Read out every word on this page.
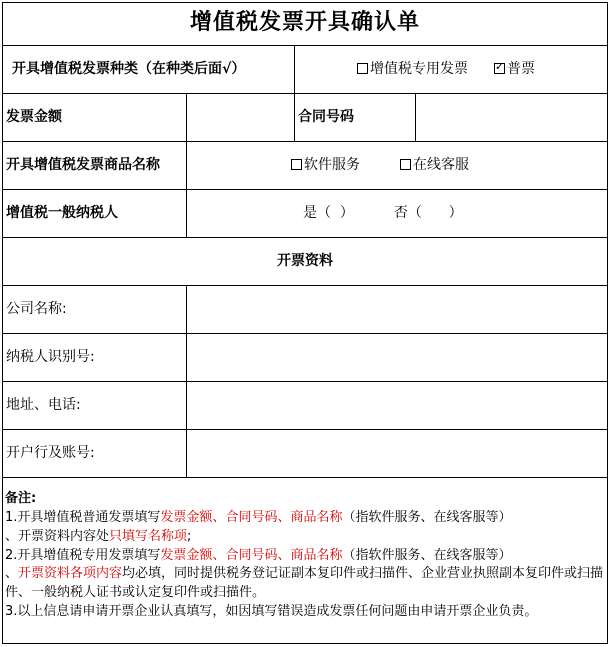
增值税发票开具确认单
开具增值税发票种类（在种类后面√）	增值税专用发票
✓	普票
发票金额	合同号码
开具增值税发票商品名称	软件服务	在线客服
增值税一般纳税人	是（  ）	否（      ）
开票资料
公司名称:
纳税人识别号:
地址、电话:
开户行及账号:
备注:
1.开具增值税普通发票填写发票金额、合同号码、商品名称（指软件服务、在线客服等）
、开票资料内容处只填写名称项;
2.开具增值税专用发票填写发票金额、合同号码、商品名称（指软件服务、在线客服等）
、开票资料各项内容均必填，同时提供税务登记证副本复印件或扫描件、企业营业执照副本复印件或扫描件、一般纳税人证书或认定复印件或扫描件。
3.以上信息请申请开票企业认真填写，如因填写错误造成发票任何问题由申请开票企业负责。
